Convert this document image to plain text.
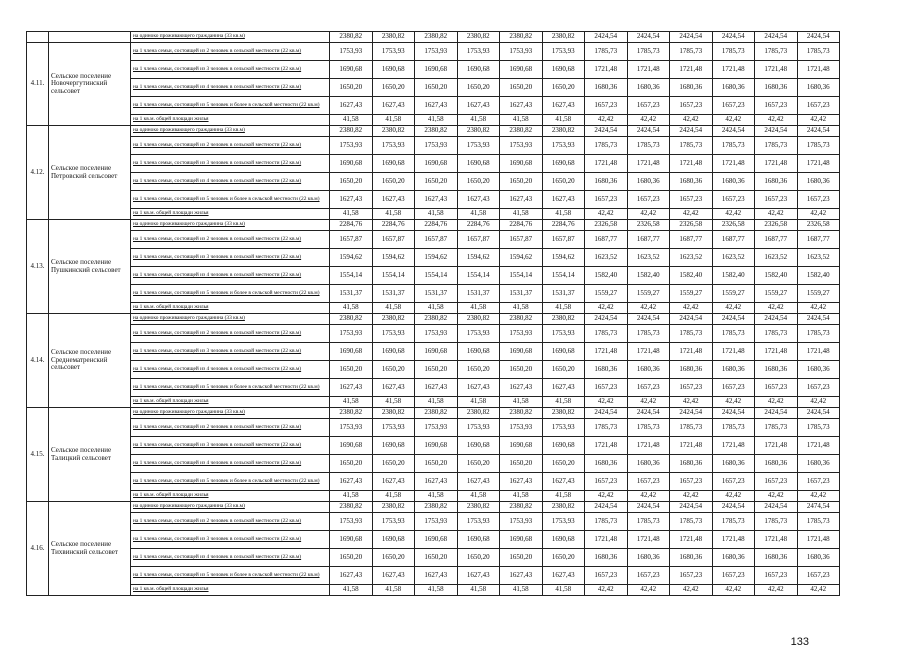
		на одиноко проживающего гражданина (33 кв.м)	2380,82	2380,82	2380,82	2380,82	2380,82	2380,82	2424,54	2424,54	2424,54	2424,54	2424,54	2424,54
4.11.	Сельское поселение Новочергутинский сельсовет	на 1 члена семьи, состоящей из 2 человек в сельской местности (22 кв.м)	1753,93	1753,93	1753,93	1753,93	1753,93	1753,93	1785,73	1785,73	1785,73	1785,73	1785,73	1785,73
		на 1 члена семьи, состоящей из 3 человек в сельской местности (22 кв.м)	1690,68	1690,68	1690,68	1690,68	1690,68	1690,68	1721,48	1721,48	1721,48	1721,48	1721,48	1721,48
		на 1 члена семьи, состоящей из 4 человек в сельской местности (22 кв.м)	1650,20	1650,20	1650,20	1650,20	1650,20	1650,20	1680,36	1680,36	1680,36	1680,36	1680,36	1680,36
		на 1 члена семьи, состоящей из 5 человек и более в сельской местности (22 кв.м)	1627,43	1627,43	1627,43	1627,43	1627,43	1627,43	1657,23	1657,23	1657,23	1657,23	1657,23	1657,23
		на 1 кв.м. общей площади жилья	41,58	41,58	41,58	41,58	41,58	41,58	42,42	42,42	42,42	42,42	42,42	42,42
4.12.	Сельское поселение Петровский сельсовет	на одиноко проживающего гражданина (33 кв.м)	2380,82	2380,82	2380,82	2380,82	2380,82	2380,82	2424,54	2424,54	2424,54	2424,54	2424,54	2424,54
		на 1 члена семьи, состоящей из 2 человек в сельской местности (22 кв.м)	1753,93	1753,93	1753,93	1753,93	1753,93	1753,93	1785,73	1785,73	1785,73	1785,73	1785,73	1785,73
		на 1 члена семьи, состоящей из 3 человек в сельской местности (22 кв.м)	1690,68	1690,68	1690,68	1690,68	1690,68	1690,68	1721,48	1721,48	1721,48	1721,48	1721,48	1721,48
		на 1 члена семьи, состоящей из 4 человек в сельской местности (22 кв.м)	1650,20	1650,20	1650,20	1650,20	1650,20	1650,20	1680,36	1680,36	1680,36	1680,36	1680,36	1680,36
		на 1 члена семьи, состоящей из 5 человек и более в сельской местности (22 кв.м)	1627,43	1627,43	1627,43	1627,43	1627,43	1627,43	1657,23	1657,23	1657,23	1657,23	1657,23	1657,23
		на 1 кв.м. общей площади жилья	41,58	41,58	41,58	41,58	41,58	41,58	42,42	42,42	42,42	42,42	42,42	42,42
4.13.	Сельское поселение Пушкинский сельсовет	на одиноко проживающего гражданина (33 кв.м)	2284,76	2284,76	2284,76	2284,76	2284,76	2284,76	2326,58	2326,58	2326,58	2326,58	2326,58	2326,58
		на 1 члена семьи, состоящей из 2 человек в сельской местности (22 кв.м)	1657,87	1657,87	1657,87	1657,87	1657,87	1657,87	1687,77	1687,77	1687,77	1687,77	1687,77	1687,77
		на 1 члена семьи, состоящей из 3 человек в сельской местности (22 кв.м)	1594,62	1594,62	1594,62	1594,62	1594,62	1594,62	1623,52	1623,52	1623,52	1623,52	1623,52	1623,52
		на 1 члена семьи, состоящей из 4 человек в сельской местности (22 кв.м)	1554,14	1554,14	1554,14	1554,14	1554,14	1554,14	1582,40	1582,40	1582,40	1582,40	1582,40	1582,40
		на 1 члена семьи, состоящей из 5 человек и более в сельской местности (22 кв.м)	1531,37	1531,37	1531,37	1531,37	1531,37	1531,37	1559,27	1559,27	1559,27	1559,27	1559,27	1559,27
		на 1 кв.м. общей площади жилья	41,58	41,58	41,58	41,58	41,58	41,58	42,42	42,42	42,42	42,42	42,42	42,42
4.14.	Сельское поселение Среднематренский сельсовет	на одиноко проживающего гражданина (33 кв.м)	2380,82	2380,82	2380,82	2380,82	2380,82	2380,82	2424,54	2424,54	2424,54	2424,54	2424,54	2424,54
		на 1 члена семьи, состоящей из 2 человек в сельской местности (22 кв.м)	1753,93	1753,93	1753,93	1753,93	1753,93	1753,93	1785,73	1785,73	1785,73	1785,73	1785,73	1785,73
		на 1 члена семьи, состоящей из 3 человек в сельской местности (22 кв.м)	1690,68	1690,68	1690,68	1690,68	1690,68	1690,68	1721,48	1721,48	1721,48	1721,48	1721,48	1721,48
		на 1 члена семьи, состоящей из 4 человек в сельской местности (22 кв.м)	1650,20	1650,20	1650,20	1650,20	1650,20	1650,20	1680,36	1680,36	1680,36	1680,36	1680,36	1680,36
		на 1 члена семьи, состоящей из 5 человек и более в сельской местности (22 кв.м)	1627,43	1627,43	1627,43	1627,43	1627,43	1627,43	1657,23	1657,23	1657,23	1657,23	1657,23	1657,23
		на 1 кв.м. общей площади жилья	41,58	41,58	41,58	41,58	41,58	41,58	42,42	42,42	42,42	42,42	42,42	42,42
4.15.	Сельское поселение Талицкий сельсовет	на одиноко проживающего гражданина (33 кв.м)	2380,82	2380,82	2380,82	2380,82	2380,82	2380,82	2424,54	2424,54	2424,54	2424,54	2424,54	2424,54
		на 1 члена семьи, состоящей из 2 человек в сельской местности (22 кв.м)	1753,93	1753,93	1753,93	1753,93	1753,93	1753,93	1785,73	1785,73	1785,73	1785,73	1785,73	1785,73
		на 1 члена семьи, состоящей из 3 человек в сельской местности (22 кв.м)	1690,68	1690,68	1690,68	1690,68	1690,68	1690,68	1721,48	1721,48	1721,48	1721,48	1721,48	1721,48
		на 1 члена семьи, состоящей из 4 человек в сельской местности (22 кв.м)	1650,20	1650,20	1650,20	1650,20	1650,20	1650,20	1680,36	1680,36	1680,36	1680,36	1680,36	1680,36
		на 1 члена семьи, состоящей из 5 человек и более в сельской местности (22 кв.м)	1627,43	1627,43	1627,43	1627,43	1627,43	1627,43	1657,23	1657,23	1657,23	1657,23	1657,23	1657,23
		на 1 кв.м. общей площади жилья	41,58	41,58	41,58	41,58	41,58	41,58	42,42	42,42	42,42	42,42	42,42	42,42
4.16.	Сельское поселение Тихвинский сельсовет	на одиноко проживающего гражданина (33 кв.м)	2380,82	2380,82	2380,82	2380,82	2380,82	2380,82	2424,54	2424,54	2424,54	2424,54	2424,54	2474,54
		на 1 члена семьи, состоящей из 2 человек в сельской местности (22 кв.м)	1753,93	1753,93	1753,93	1753,93	1753,93	1753,93	1785,73	1785,73	1785,73	1785,73	1785,73	1785,73
		на 1 члена семьи, состоящей из 3 человек в сельской местности (22 кв.м)	1690,68	1690,68	1690,68	1690,68	1690,68	1690,68	1721,48	1721,48	1721,48	1721,48	1721,48	1721,48
		на 1 члена семьи, состоящей из 4 человек в сельской местности (22 кв.м)	1650,20	1650,20	1650,20	1650,20	1650,20	1650,20	1680,36	1680,36	1680,36	1680,36	1680,36	1680,36
		на 1 члена семьи, состоящей из 5 человек и более в сельской местности (22 кв.м)	1627,43	1627,43	1627,43	1627,43	1627,43	1627,43	1657,23	1657,23	1657,23	1657,23	1657,23	1657,23
		на 1 кв.м. общей площади жилья	41,58	41,58	41,58	41,58	41,58	41,58	42,42	42,42	42,42	42,42	42,42	42,42
133
